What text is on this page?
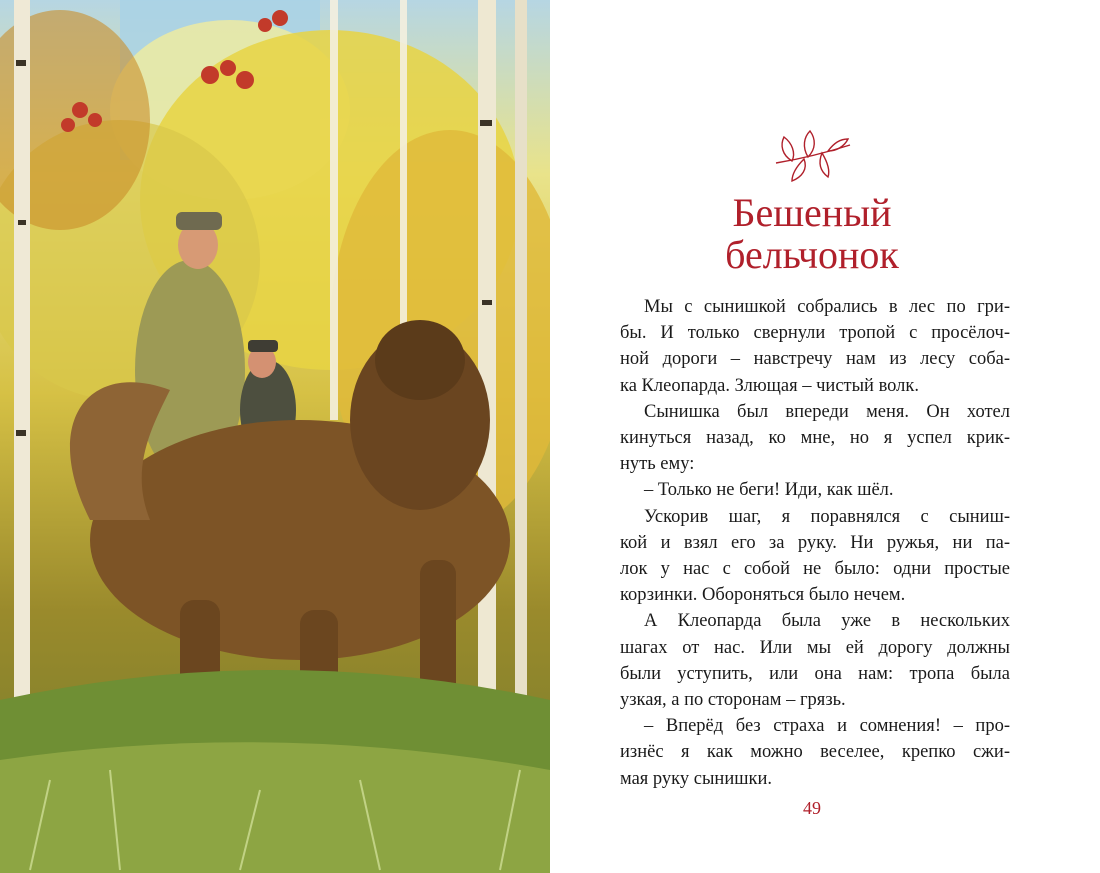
Бешеный
бельчонок
Мы с сынишкой собрались в лес по гри-
бы. И только свернули тропой с просёлоч-
ной дороги – навстречу нам из лесу соба-
ка Клеопарда. Злющая – чистый волк.
Сынишка был впереди меня. Он хотел
кинуться назад, ко мне, но я успел крик-
нуть ему:
– Только не беги! Иди, как шёл.
Ускорив шаг, я поравнялся с сыниш-
кой и взял его за руку. Ни ружья, ни па-
лок у нас с собой не было: одни простые
корзинки. Обороняться было нечем.
А Клеопарда была уже в нескольких
шагах от нас. Или мы ей дорогу должны
были уступить, или она нам: тропа была
узкая, а по сторонам – грязь.
– Вперёд без страха и сомнения! – про-
изнёс я как можно веселее, крепко сжи-
мая руку сынишки.
49
